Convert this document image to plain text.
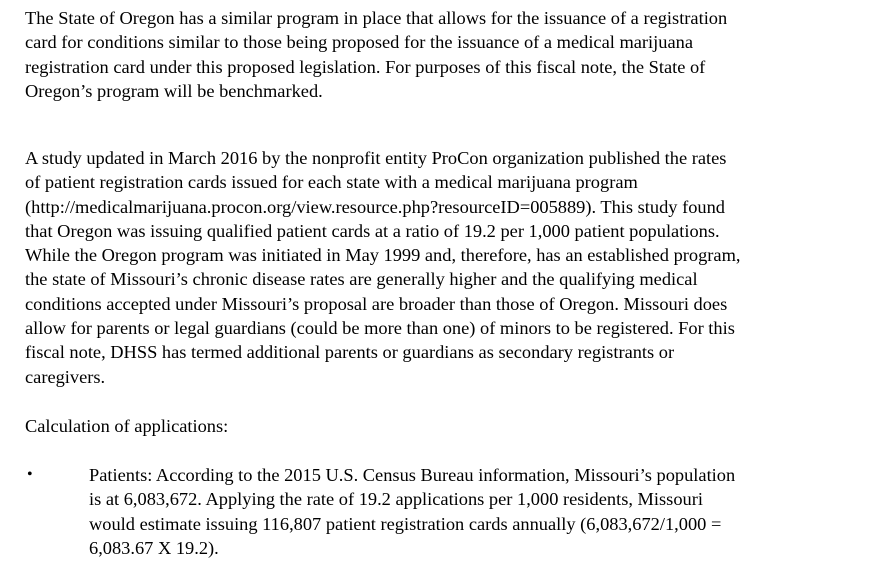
The State of Oregon has a similar program in place that allows for the issuance of a registration
card for conditions similar to those being proposed for the issuance of a medical marijuana
registration card under this proposed legislation. For purposes of this fiscal note, the State of
Oregon’s program will be benchmarked.

A study updated in March 2016 by the nonprofit entity ProCon organization published the rates
of patient registration cards issued for each state with a medical marijuana program
(http://medicalmarijuana.procon.org/view.resource.php?resourceID=005889). This study found
that Oregon was issuing qualified patient cards at a ratio of 19.2 per 1,000 patient populations.
While the Oregon program was initiated in May 1999 and, therefore, has an established program,
the state of Missouri’s chronic disease rates are generally higher and the qualifying medical
conditions accepted under Missouri’s proposal are broader than those of Oregon. Missouri does
allow for parents or legal guardians (could be more than one) of minors to be registered. For this
fiscal note, DHSS has termed additional parents or guardians as secondary registrants or
caregivers.

Calculation of applications:

•	Patients: According to the 2015 U.S. Census Bureau information, Missouri’s population
is at 6,083,672. Applying the rate of 19.2 applications per 1,000 residents, Missouri
would estimate issuing 116,807 patient registration cards annually (6,083,672/1,000 =
6,083.67 X 19.2).
